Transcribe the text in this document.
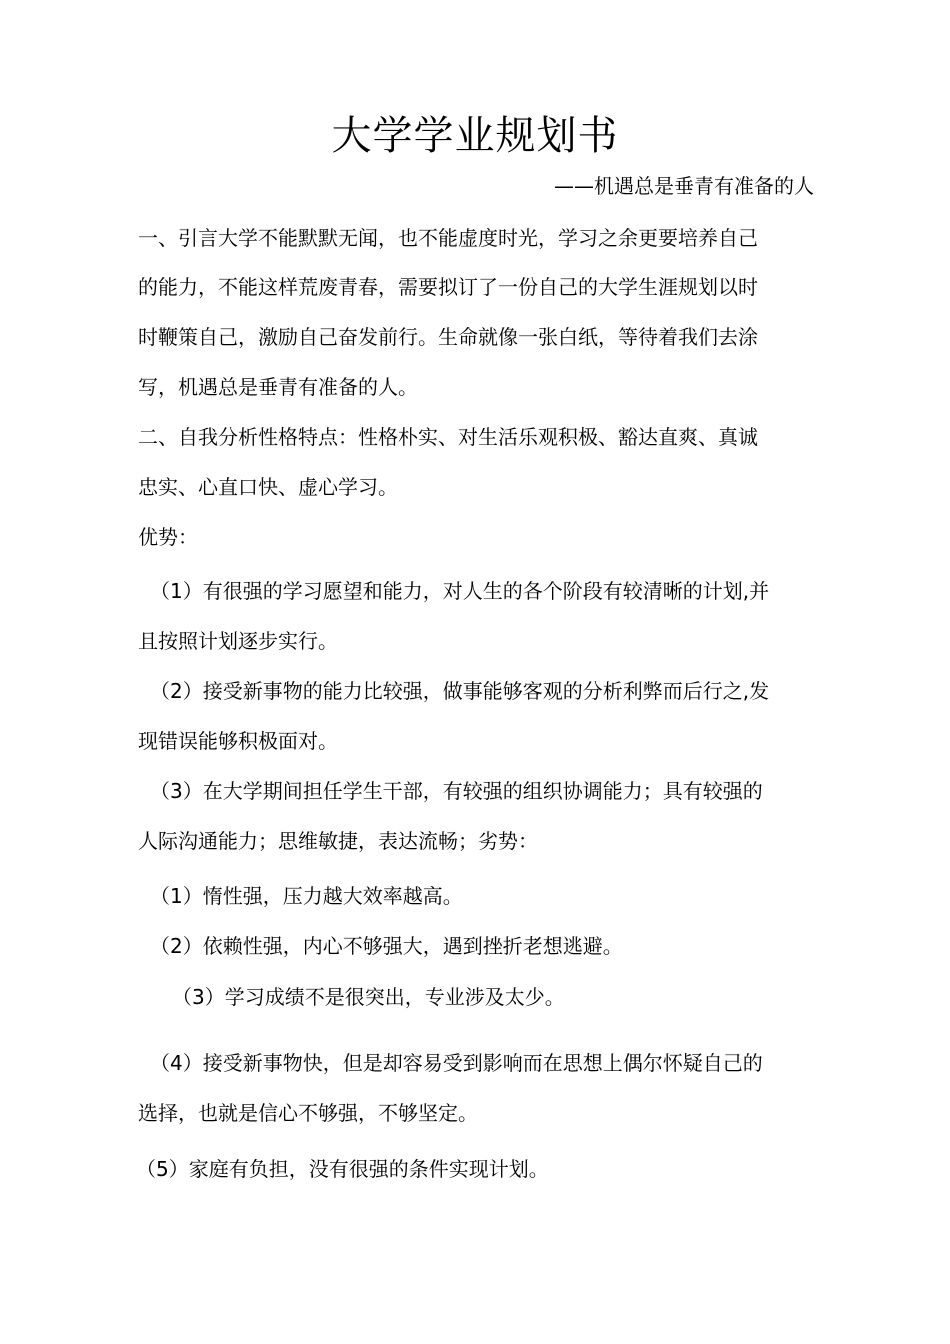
大学学业规划书
——机遇总是垂青有准备的人
一、引言大学不能默默无闻，也不能虚度时光，学习之余更要培养自己
的能力，不能这样荒废青春，需要拟订了一份自己的大学生涯规划以时
时鞭策自己，激励自己奋发前行。生命就像一张白纸，等待着我们去涂
写，机遇总是垂青有准备的人。
二、自我分析性格特点：性格朴实、对生活乐观积极、豁达直爽、真诚
忠实、心直口快、虚心学习。
优势：
（1）有很强的学习愿望和能力，对人生的各个阶段有较清晰的计划,并
且按照计划逐步实行。
（2）接受新事物的能力比较强，做事能够客观的分析利弊而后行之,发
现错误能够积极面对。
（3）在大学期间担任学生干部，有较强的组织协调能力；具有较强的
人际沟通能力；思维敏捷，表达流畅；劣势：
（1）惰性强，压力越大效率越高。
（2）依赖性强，内心不够强大，遇到挫折老想逃避。
（3）学习成绩不是很突出，专业涉及太少。
（4）接受新事物快，但是却容易受到影响而在思想上偶尔怀疑自己的
选择，也就是信心不够强，不够坚定。
（5）家庭有负担，没有很强的条件实现计划。
